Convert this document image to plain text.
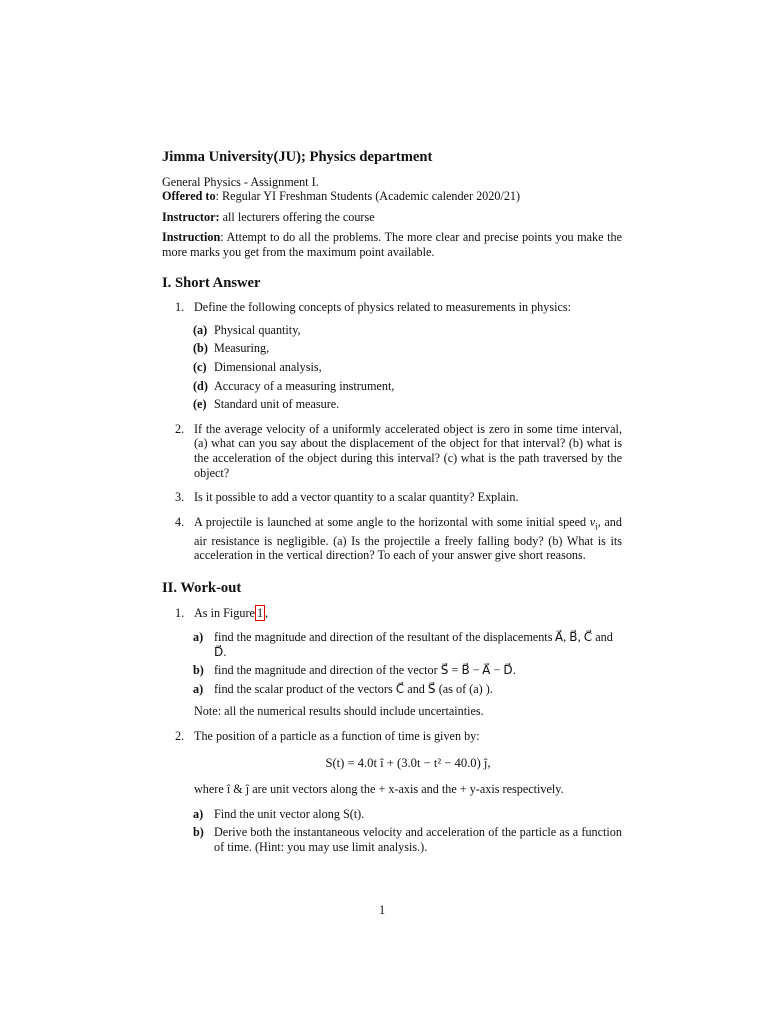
Jimma University(JU); Physics department

General Physics - Assignment I.

Offered to: Regular YI Freshman Students (Academic calender 2020/21)

Instructor: all lecturers offering the course

Instruction: Attempt to do all the problems. The more clear and precise points you make the more marks you get from the maximum point available.

I. Short Answer

1. Define the following concepts of physics related to measurements in physics:
(a) Physical quantity,
(b) Measuring,
(c) Dimensional analysis,
(d) Accuracy of a measuring instrument,
(e) Standard unit of measure.
2. If the average velocity of a uniformly accelerated object is zero in some time interval, (a) what can you say about the displacement of the object for that interval? (b) what is the acceleration of the object during this interval? (c) what is the path traversed by the object?
3. Is it possible to add a vector quantity to a scalar quantity? Explain.
4. A projectile is launched at some angle to the horizontal with some initial speed $v_i$, and air resistance is negligible. (a) Is the projectile a freely falling body? (b) What is its acceleration in the vertical direction? To each of your answer give short reasons.

II. Work-out

1. As in Figure 1 ,
a) find the magnitude and direction of the resultant of the displacements A⃗, B⃗, C⃗ and D⃗.
b) find the magnitude and direction of the vector S⃗ = B⃗ − A⃗ − D⃗.
a) find the scalar product of the vectors C⃗ and S⃗ (as of (a) ).

Note: all the numerical results should include uncertainties.

2. The position of a particle as a function of time is given by:

S(t) = 4.0t î + (3.0t − t² − 40.0) ĵ,

where î & ĵ are unit vectors along the + x-axis and the + y-axis respectively.

a) Find the unit vector along S(t).
b) Derive both the instantaneous velocity and acceleration of the particle as a function of time. (Hint: you may use limit analysis.).
1
